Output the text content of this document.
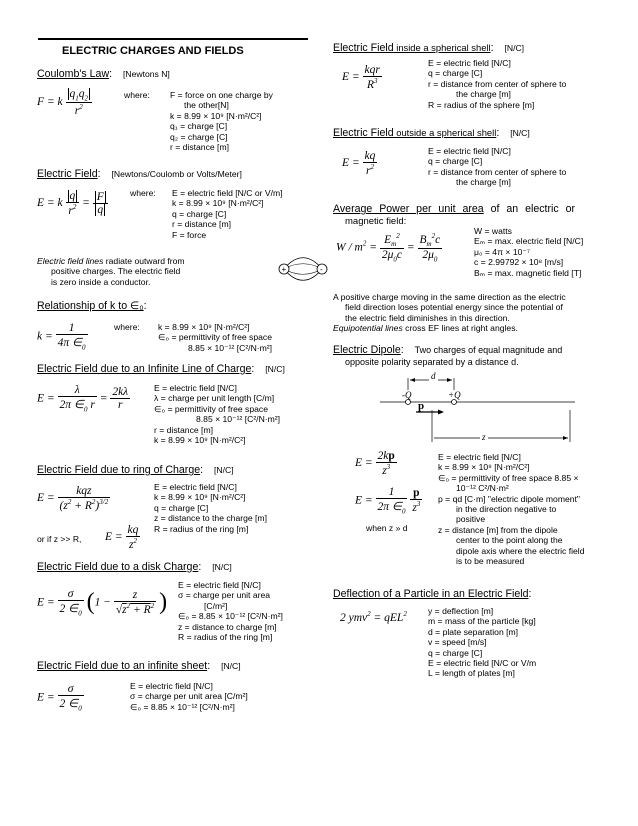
ELECTRIC CHARGES AND FIELDS
Coulomb's Law: [Newtons N]
F = k $\frac{q_1q_2}{r^2}$	where: F = force on one charge by

the other[N]
k = 8.99 × 10⁹ [N·m²/C²]
q₁ = charge [C]
q₂ = charge [C]
r = distance [m]
Electric Field: [Newtons/Coulomb or Volts/Meter]
E = k $\frac{q}{r^2} = \frac{F}{q}$	where: E = electric field [N/C or V/m]
k = 8.99 × 10⁹ [N·m²/C²]
q = charge [C]
r = distance [m]
F = force
Electric field lines radiate outward from
positive charges. The electric field
is zero inside a conductor.
+	-
Relationship of k to ∈₀:
$k = \frac{1}{4\pi \in_0}$	where: k = 8.99 × 10⁹ [N·m²/C²]
∈₀ = permittivity of free space
8.85 × 10⁻¹² [C²/N·m²]
Electric Field due to an Infinite Line of Charge: [N/C]
$E = \frac{\lambda}{2\pi \in_0 r} = \frac{2k\lambda}{r}$	E = electric field [N/C]
λ = charge per unit length [C/m]
∈₀ = permittivity of free space
8.85 × 10⁻¹² [C²/N·m²]
r = distance [m]
k = 8.99 × 10⁹ [N·m²/C²]
Electric Field due to ring of Charge: [N/C]
$E = \frac{\text{kqz}}{(z^2 + R^2)^{3/2}}$
or if z >> R, $E = \frac{kq}{z^2}$
E = electric field [N/C]
k = 8.99 × 10⁹ [N·m²/C²]
q = charge [C]
z = distance to the charge [m]
R = radius of the ring [m]
Electric Field due to a disk Charge: [N/C]
$E = \frac{\sigma}{2 \in_0} (1 - \frac{z}{√z^2 + R^2}$ )
E = electric field [N/C]
σ = charge per unit area
[C/m²]
∈₀ = 8.85 × 10⁻¹² [C²/N·m²]
z = distance to charge [m]
R = radius of the ring [m]
Electric Field due to an infinite sheet: [N/C]
$E = \frac{\sigma}{2 \in_0}$	E = electric field [N/C]
σ = charge per unit area [C/m²]
∈₀ = 8.85 × 10⁻¹² [C²/N·m²]
Electric Field inside a spherical shell: [N/C]
$E = \frac{\text{kqr}}{R^3}$
E = electric field [N/C]
q = charge [C]
r = distance from center of sphere to
the charge [m]
R = radius of the sphere [m]
Electric Field outside a spherical shell: [N/C]
$E = \frac{kq}{r^2}$	E = electric field [N/C]
q = charge [C]
r = distance from center of sphere to
the charge [m]
Average Power per unit area of an electric or
magnetic field:
$W / m^2 = \frac{E_m^2}{2\mu_0c} = \frac{B_m^2c}{2\mu_0}$
W = watts
Eₘ = max. electric field [N/C]
μ₀ = 4π × 10⁻⁷
c = 2.99792 × 10⁸ [m/s]
Bₘ = max. magnetic field [T]
A positive charge moving in the same direction as the electric
field direction loses potential energy since the potential of
the electric field diminishes in this direction.
Equipotential lines cross EF lines at right angles.
Electric Dipole: Two charges of equal magnitude and
opposite polarity separated by a distance d.
d
-Q	+Q
p
z
$E = \frac{2kp}{z^3}$
$E = \frac{1}{2\pi \in_0}$
$\frac{p}{z^3}$
when z » d
E = electric field [N/C]
k = 8.99 × 10⁹ [N·m²/C²]
∈₀ = permittivity of free space 8.85 ×
10⁻¹² C²/N·m²
p = qd [C·m] "electric dipole moment"
in the direction negative to
positive
z = distance [m] from the dipole
center to the point along the
dipole axis where the electric field
is to be measured
Deflection of a Particle in an Electric Field:
2 ymv$^2$ = qEL$^2$ y = deflection [m]
m = mass of the particle [kg]
d = plate separation [m]
v = speed [m/s]
q = charge [C]
E = electric field [N/C or V/m
L = length of plates [m]
